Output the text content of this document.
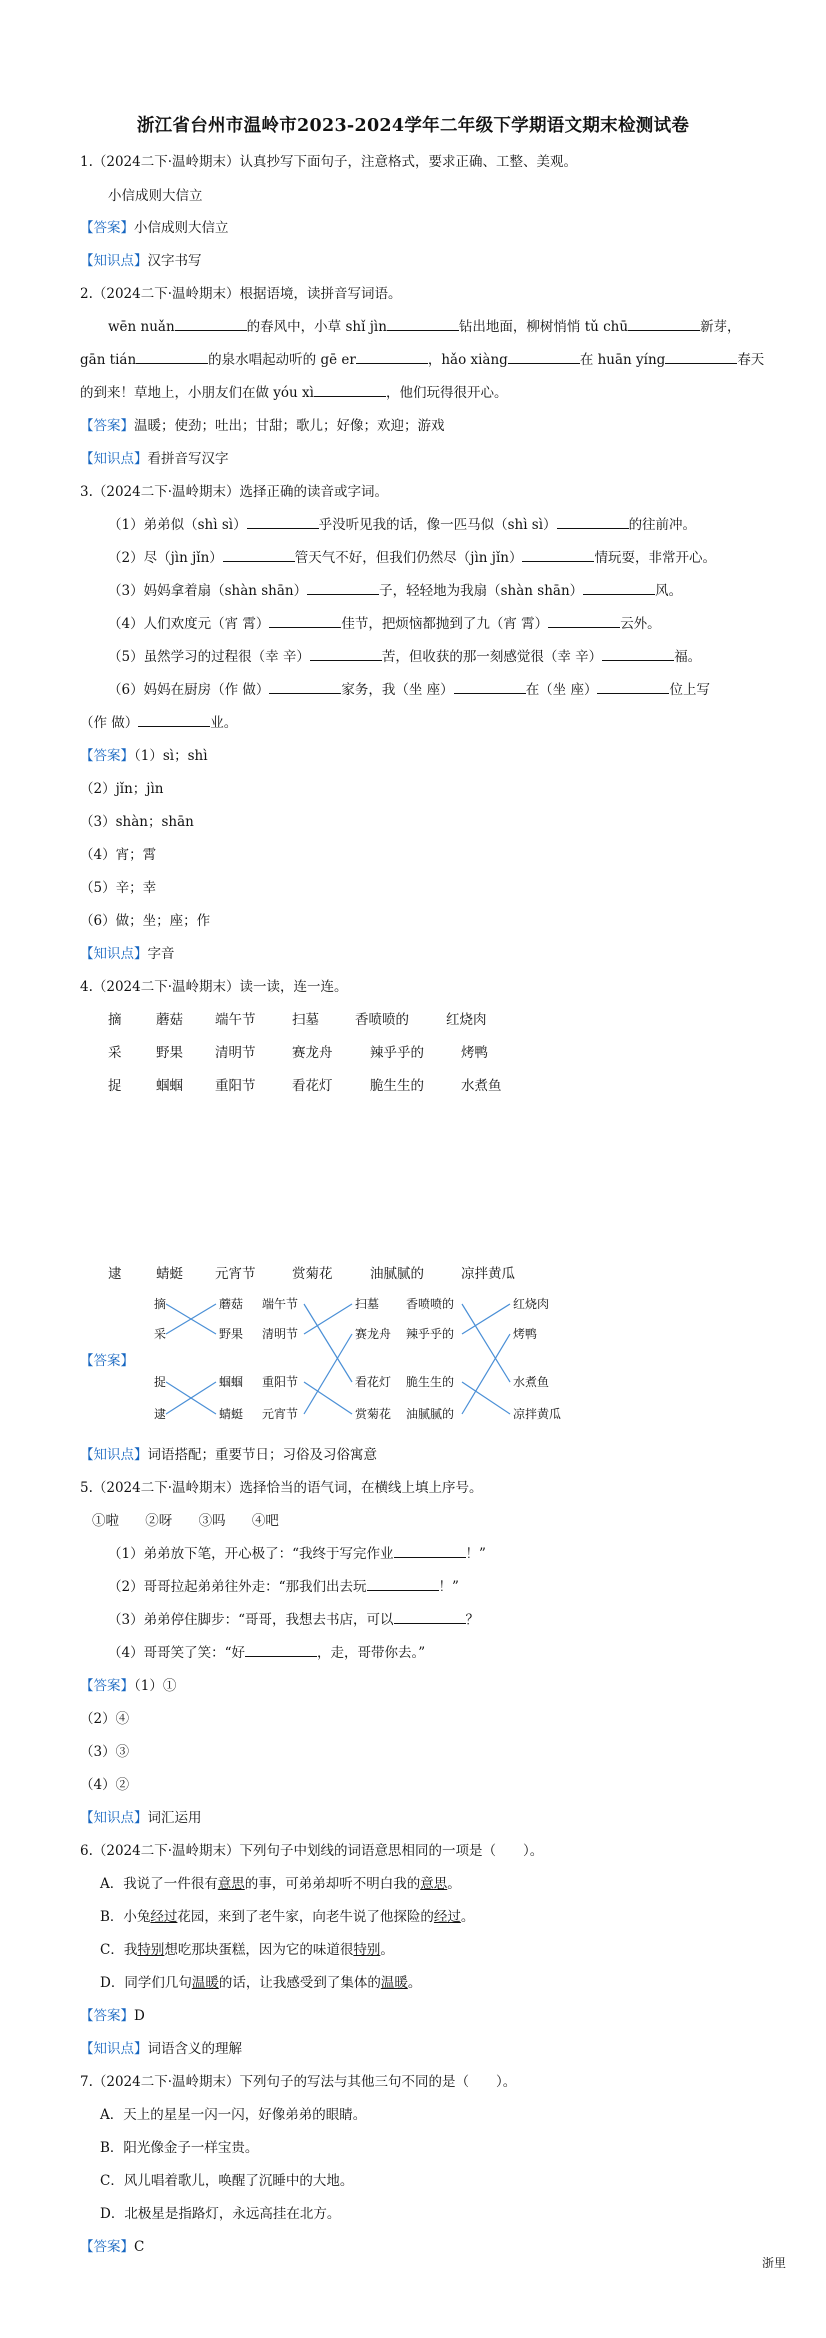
浙江省台州市温岭市2023-2024学年二年级下学期语文期末检测试卷
1.（2024二下·温岭期末）认真抄写下面句子，注意格式，要求正确、工整、美观。
小信成则大信立
【答案】小信成则大信立
【知识点】汉字书写
2.（2024二下·温岭期末）根据语境，读拼音写词语。
wēn nuǎn	的春风中，小草 shǐ jìn	钻出地面，柳树悄悄 tǔ chū	新芽，
gān tián	的泉水唱起动听的 gē er	，hǎo xiàng	在 huān yíng	春天
的到来！草地上，小朋友们在做 yóu xì	，他们玩得很开心。
【答案】温暖；使劲；吐出；甘甜；歌儿；好像；欢迎；游戏
【知识点】看拼音写汉字
3.（2024二下·温岭期末）选择正确的读音或字词。
（1）弟弟似（shì sì）	乎没听见我的话，像一匹马似（shì sì）	的往前冲。
（2）尽（jìn jǐn）	管天气不好，但我们仍然尽（jìn jǐn）	情玩耍，非常开心。
（3）妈妈拿着扇（shàn shān）	子，轻轻地为我扇（shàn shān）	风。
（4）人们欢度元（宵 霄）	佳节，把烦恼都抛到了九（宵 霄）	云外。
（5）虽然学习的过程很（幸 辛）	苦，但收获的那一刻感觉很（幸 辛）	福。
（6）妈妈在厨房（作 做）	家务，我（坐 座）	在（坐 座）	位上写
（作 做）	业。
【答案】（1）sì；shì
（2）jǐn；jìn
（3）shàn；shān
（4）宵；霄
（5）辛；幸
（6）做；坐；座；作
【知识点】字音
4.（2024二下·温岭期末）读一读，连一连。
摘	蘑菇 端午节	扫墓	香喷喷的	红烧肉
采	野果 清明节	赛龙舟	辣乎乎的	烤鸭
捉	蝈蝈 重阳节	看花灯	脆生生的	水煮鱼
逮	蜻蜓 元宵节	赏菊花	油腻腻的	凉拌黄瓜
【答案】
摘
采
捉
逮
蘑菇
野果
蝈蝈
蜻蜓
端午节
清明节
重阳节
元宵节
扫墓
赛龙舟
看花灯
赏菊花
香喷喷的
辣乎乎的
脆生生的
油腻腻的
红烧肉
烤鸭
水煮鱼
凉拌黄瓜
【知识点】词语搭配；重要节日；习俗及习俗寓意
5.（2024二下·温岭期末）选择恰当的语气词，在横线上填上序号。
①啦 ②呀 ③吗 ④吧
（1）弟弟放下笔，开心极了：“我终于写完作业	！”
（2）哥哥拉起弟弟往外走：“那我们出去玩	！”
（3）弟弟停住脚步：“哥哥，我想去书店，可以	？
（4）哥哥笑了笑：“好	，走，哥带你去。”
【答案】（1）①
（2）④
（3）③
（4）②
【知识点】词汇运用
6.（2024二下·温岭期末）下列句子中划线的词语意思相同的一项是（　　）。
A．我说了一件很有意思的事，可弟弟却听不明白我的意思。
B．小兔经过花园，来到了老牛家，向老牛说了他探险的经过。
C．我特别想吃那块蛋糕，因为它的味道很特别。
D．同学们几句温暖的话，让我感受到了集体的温暖。
【答案】D
【知识点】词语含义的理解
7.（2024二下·温岭期末）下列句子的写法与其他三句不同的是（　　）。
A．天上的星星一闪一闪，好像弟弟的眼睛。
B．阳光像金子一样宝贵。
C．风儿唱着歌儿，唤醒了沉睡中的大地。
D．北极星是指路灯，永远高挂在北方。
【答案】C
浙里
